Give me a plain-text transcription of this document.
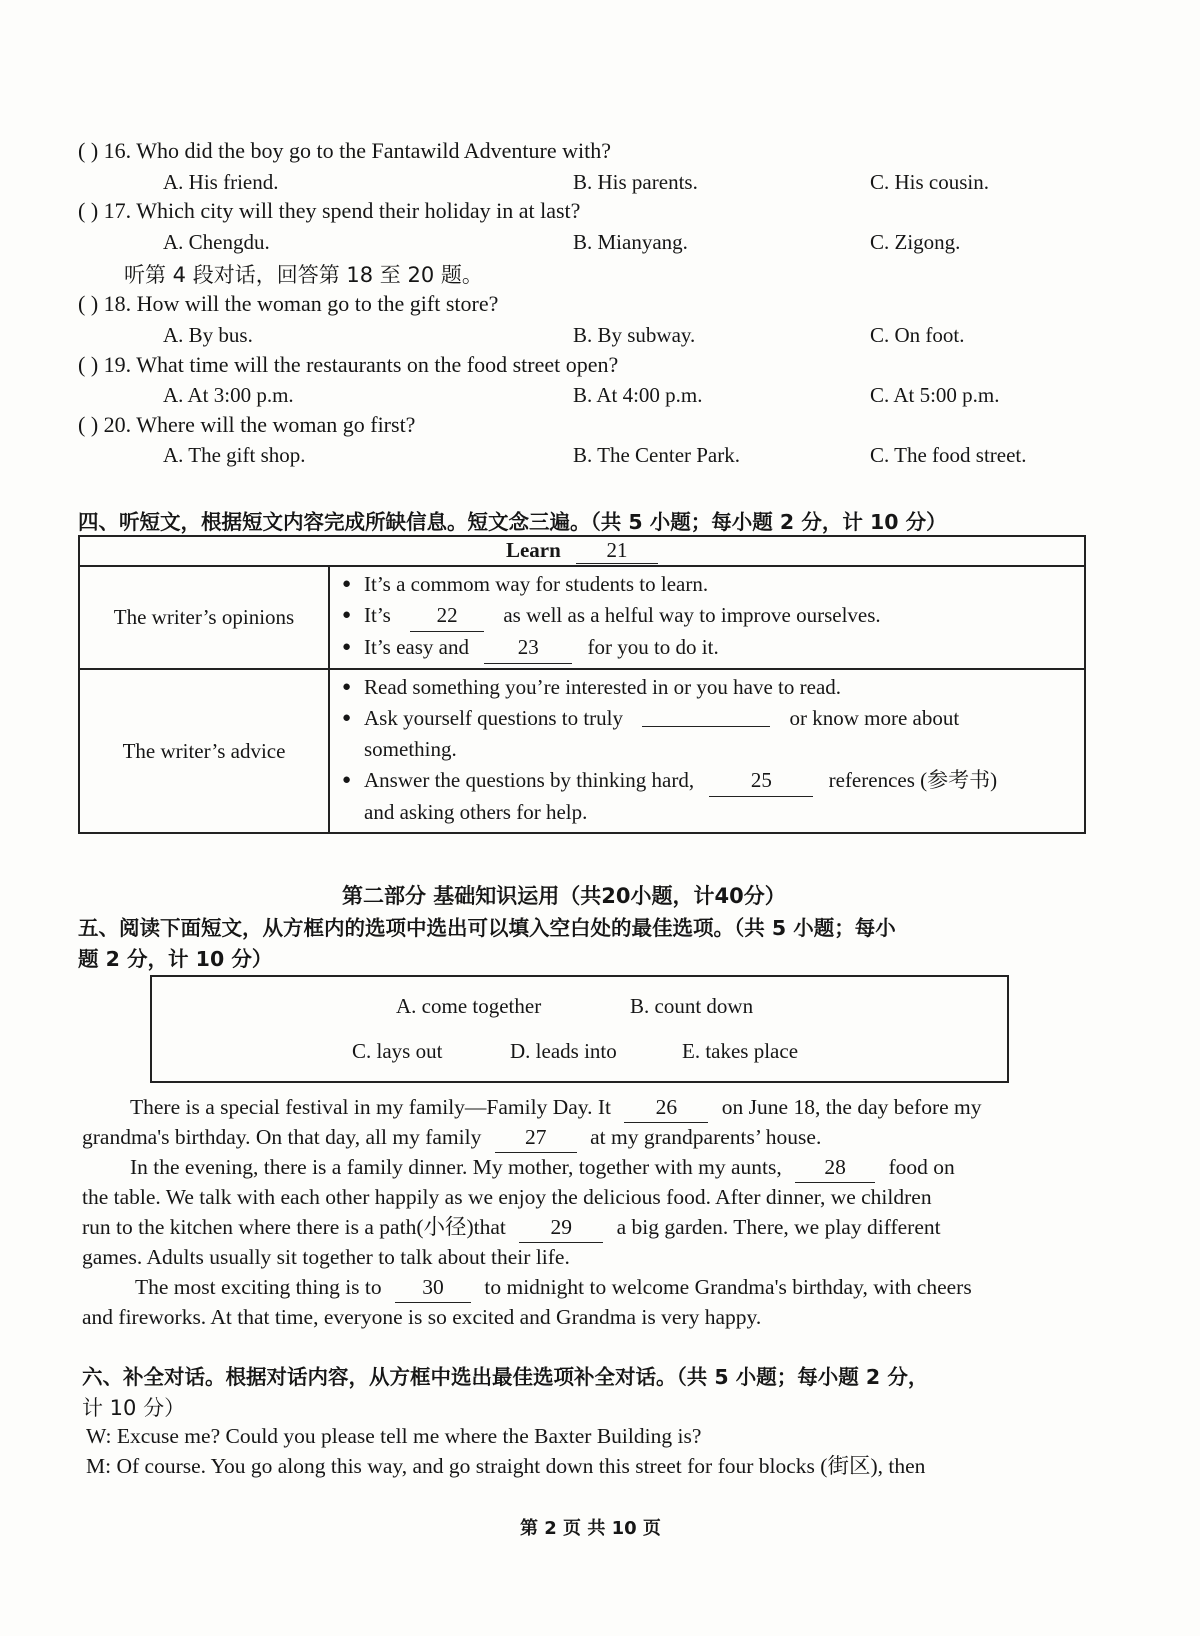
( ) 16. Who did the boy go to the Fantawild Adventure with?
A. His friend.	B. His parents.	C. His cousin.
( ) 17. Which city will they spend their holiday in at last?
A. Chengdu.	B. Mianyang.	C. Zigong.
听第 4 段对话，回答第 18 至 20 题。
( ) 18. How will the woman go to the gift store?
A. By bus.	B. By subway.	C. On foot.
( ) 19. What time will the restaurants on the food street open?
A. At 3:00 p.m.	B. At 4:00 p.m.	C. At 5:00 p.m.
( ) 20. Where will the woman go first?
A. The gift shop.	B. The Center Park.	C. The food street.
四、听短文，根据短文内容完成所缺信息。短文念三遍。（共 5 小题；每小题 2 分，计 10 分）
Learn 21	
The writer’s opinions	● It’s a commom way for students to learn.
● It’s 22 as well as a helful way to improve ourselves.
● It’s easy and 23 for you to do it.

The writer’s advice	● Read something you’re interested in or you have to read.
● Ask yourself questions to truly or know more about
something.
● Answer the questions by thinking hard, 25 references (参考书)
and asking others for help.
第二部分 基础知识运用（共20小题，计40分）
五、阅读下面短文，从方框内的选项中选出可以填入空白处的最佳选项。（共 5 小题；每小
题 2 分，计 10 分）
A. come together	B. count down
C. lays out	D. leads into	E. takes place
There is a special festival in my family—Family Day. It 26 on June 18, the day before my
grandma's birthday. On that day, all my family 27 at my grandparents’ house.
In the evening, there is a family dinner. My mother, together with my aunts, 28 food on
the table. We talk with each other happily as we enjoy the delicious food. After dinner, we children
run to the kitchen where there is a path(小径)that 29 a big garden. There, we play different
games. Adults usually sit together to talk about their life.
The most exciting thing is to 30 to midnight to welcome Grandma's birthday, with cheers
and fireworks. At that time, everyone is so excited and Grandma is very happy.
六、补全对话。根据对话内容，从方框中选出最佳选项补全对话。（共 5 小题；每小题 2 分，
计 10 分）
W: Excuse me? Could you please tell me where the Baxter Building is?
M: Of course. You go along this way, and go straight down this street for four blocks (街区), then
第 2 页 共 10 页
